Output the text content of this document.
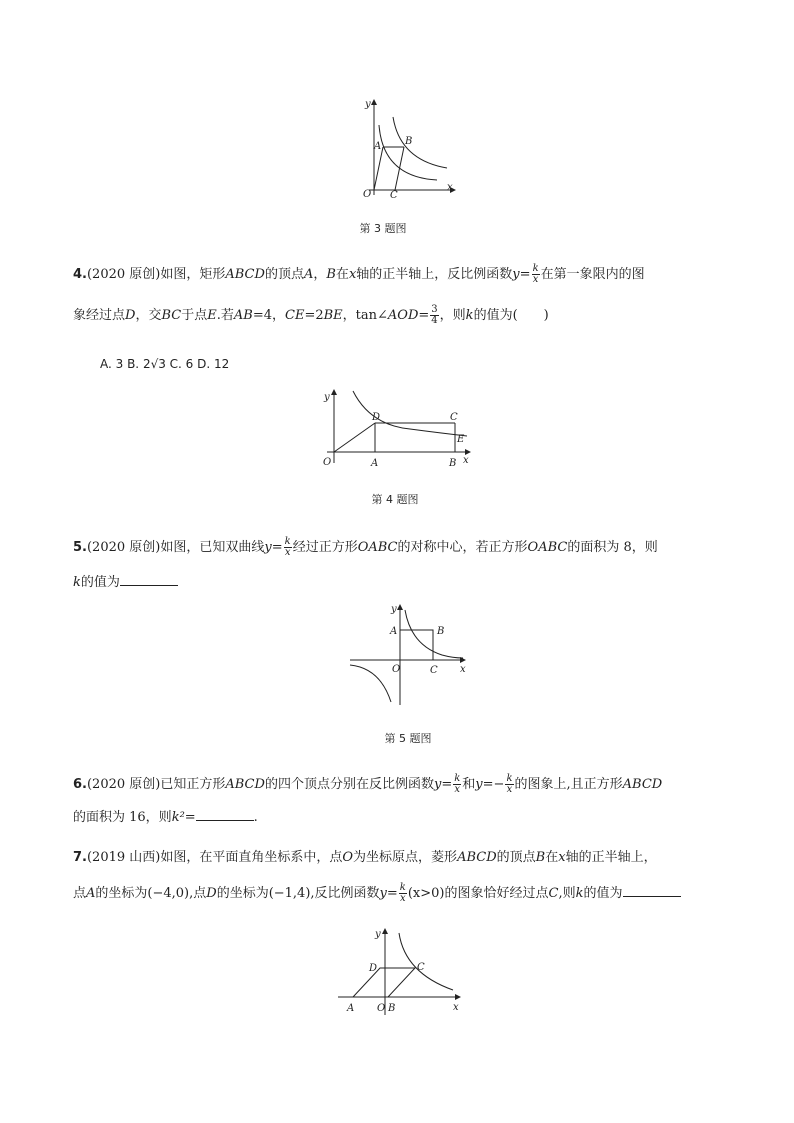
y
x
O
A B
C
第 3 题图
4.(2020 原创)如图，矩形ABCD的顶点A，B在x轴的正半轴上，反比例函数$y= \frac{k}{x}$ 在第一象限内的图
象经过点D，交BC于点E.若AB=4，CE=2BE，tan∠AOD= $\frac{3}{4}$ ，则k的值为( )
A. 3 B. 2√3 C. 6 D. 12
y
x
O	A	B
C
D
E
第 4 题图
5.(2020 原创)如图，已知双曲线$y= \frac{k}{x}$ 经过正方形OABC的对称中心，若正方形OABC的面积为 8，则
k的值为
y
x
O
A	B
C
第 5 题图
6.(2020 原创)已知正方形ABCD的四个顶点分别在反比例函数$y= \frac{k}{x}$ 和$y=- \frac{k}{x}$ 的图象上,且正方形ABCD
的面积为 16，则k²=	.
7.(2019 山西)如图，在平面直角坐标系中，点O为坐标原点，菱形ABCD的顶点B在x轴的正半轴上，
点A的坐标为(−4,0),点D的坐标为(−1,4),反比例函数$y= \frac{k}{x} (x>0)$的图象恰好经过点C,则k的值为
y
x
O
A	B
C
D
